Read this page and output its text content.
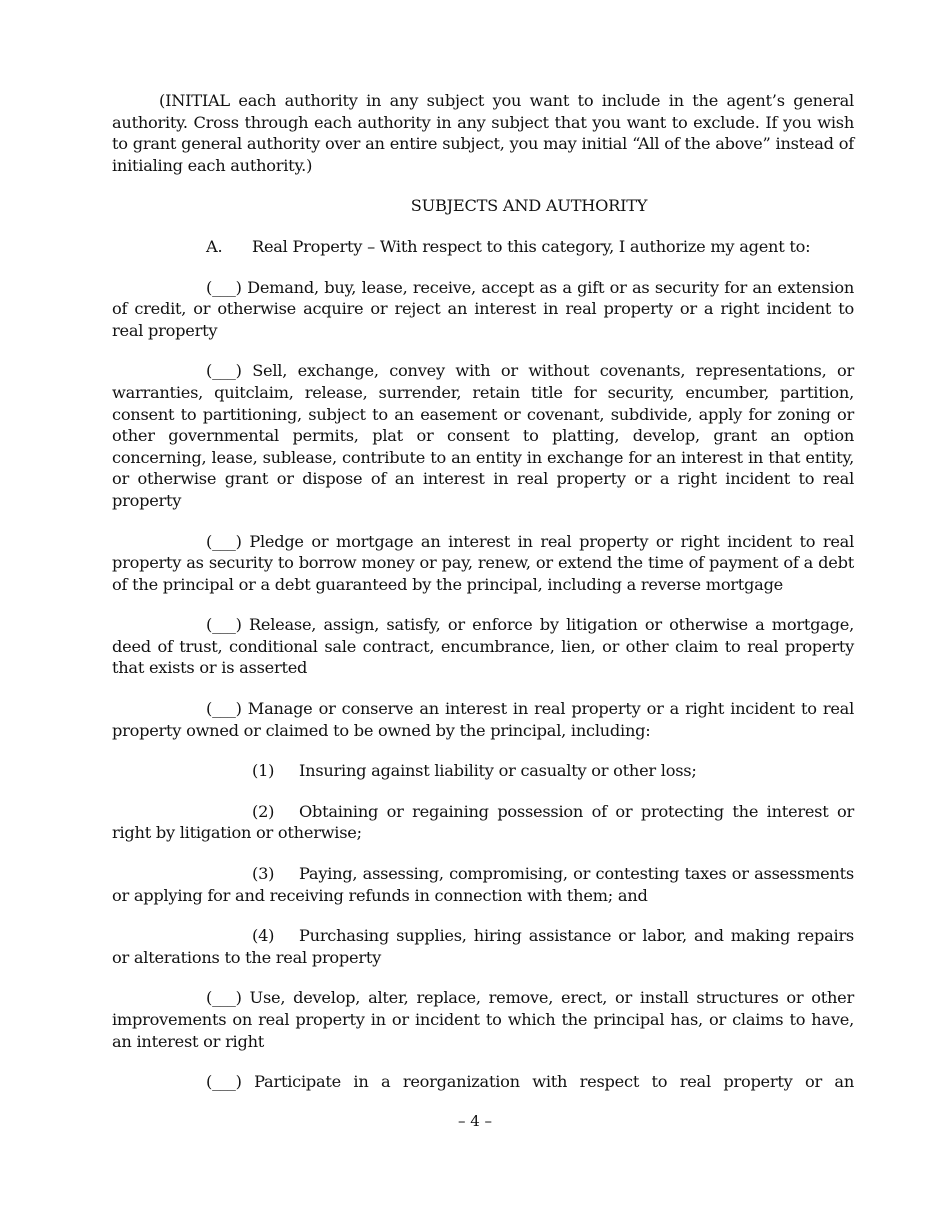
(INITIAL each authority in any subject you want to include in the agent’s general authority. Cross through each authority in any subject that you want to exclude. If you wish to grant general authority over an entire subject, you may initial “All of the above” instead of initialing each authority.)

SUBJECTS AND AUTHORITY

A. Real Property – With respect to this category, I authorize my agent to:

(___) Demand, buy, lease, receive, accept as a gift or as security for an extension of credit, or otherwise acquire or reject an interest in real property or a right incident to real property

(___) Sell, exchange, convey with or without covenants, representations, or warranties, quitclaim, release, surrender, retain title for security, encumber, partition, consent to partitioning, subject to an easement or covenant, subdivide, apply for zoning or other governmental permits, plat or consent to platting, develop, grant an option concerning, lease, sublease, contribute to an entity in exchange for an interest in that entity, or otherwise grant or dispose of an interest in real property or a right incident to real property

(___) Pledge or mortgage an interest in real property or right incident to real property as security to borrow money or pay, renew, or extend the time of payment of a debt of the principal or a debt guaranteed by the principal, including a reverse mortgage

(___) Release, assign, satisfy, or enforce by litigation or otherwise a mortgage, deed of trust, conditional sale contract, encumbrance, lien, or other claim to real property that exists or is asserted

(___) Manage or conserve an interest in real property or a right incident to real property owned or claimed to be owned by the principal, including:

(1) Insuring against liability or casualty or other loss;

(2) Obtaining or regaining possession of or protecting the interest or right by litigation or otherwise;

(3) Paying, assessing, compromising, or contesting taxes or assessments or applying for and receiving refunds in connection with them; and

(4) Purchasing supplies, hiring assistance or labor, and making repairs or alterations to the real property

(___) Use, develop, alter, replace, remove, erect, or install structures or other improvements on real property in or incident to which the principal has, or claims to have, an interest or right

(___) Participate in a reorganization with respect to real property or an

– 4 –
